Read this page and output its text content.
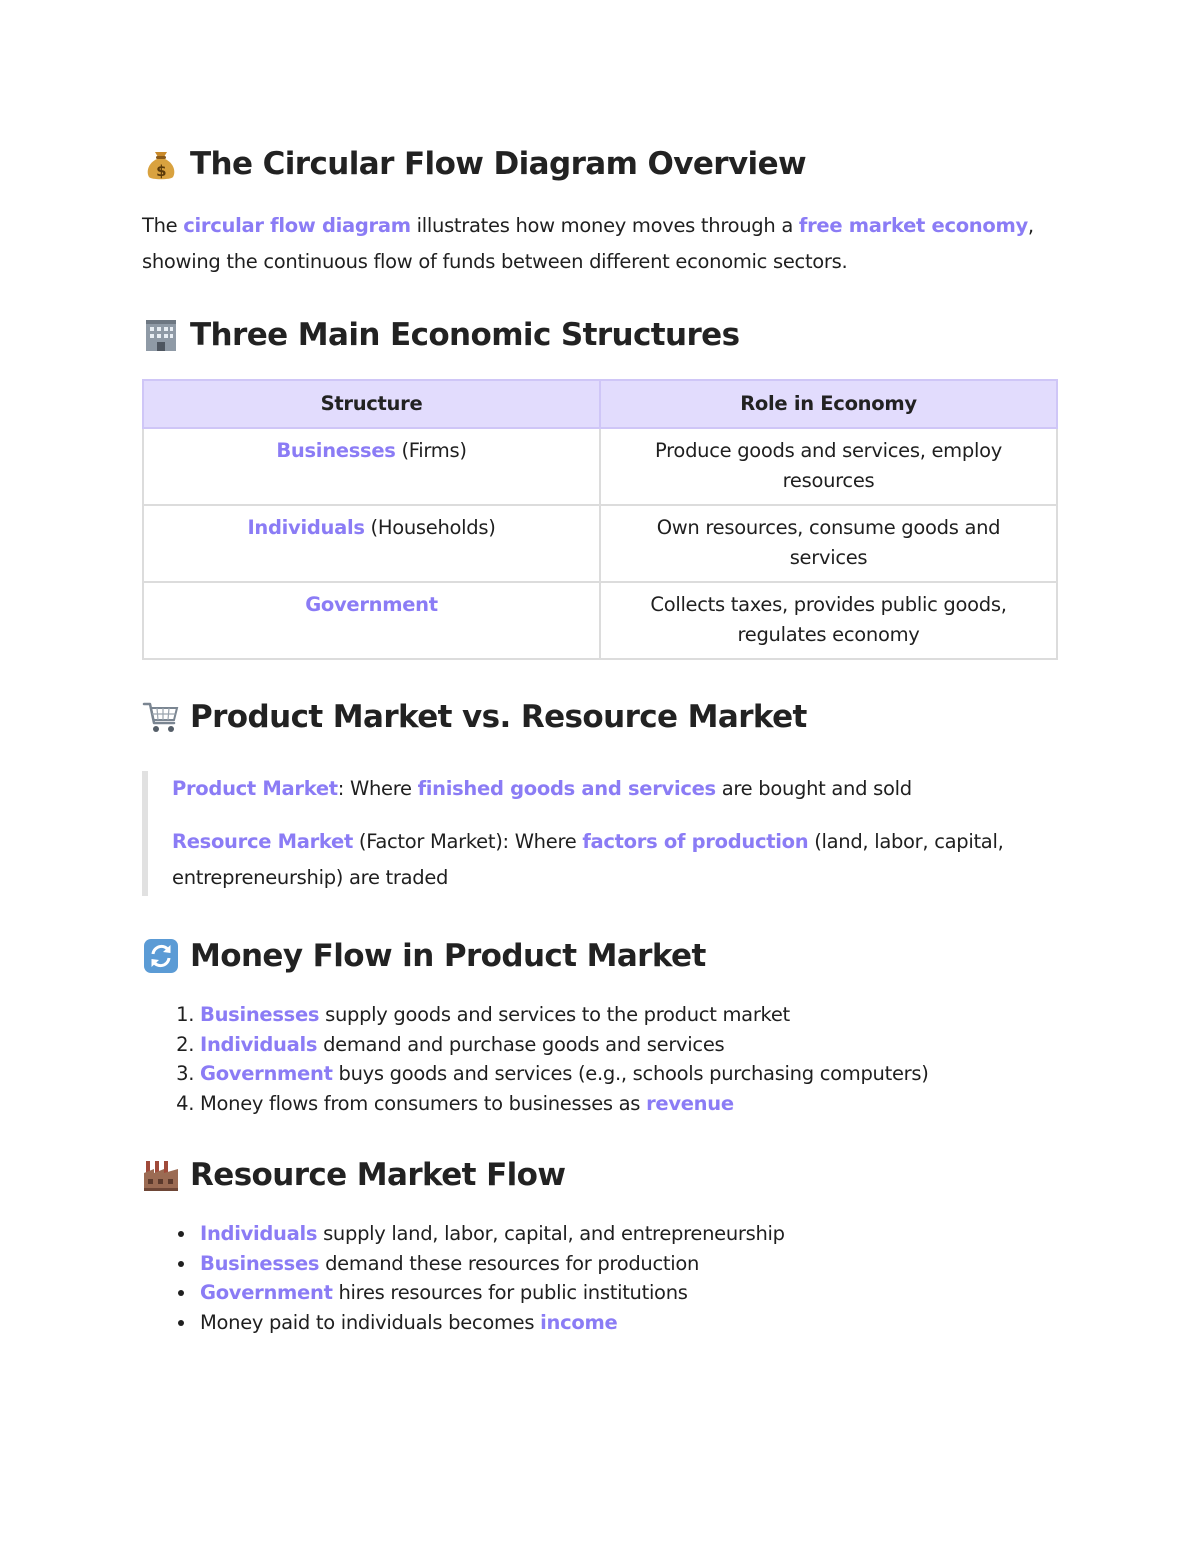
$ The Circular Flow Diagram Overview

The circular flow diagram illustrates how money moves through a free market economy, showing the continuous flow of funds between different economic sectors.

Three Main Economic Structures
Structure	Role in Economy
Businesses (Firms)	Produce goods and services, employ resources
Individuals (Households)	Own resources, consume goods and services
Government	Collects taxes, provides public goods, regulates economy
Product Market vs. Resource Market

Product Market: Where finished goods and services are bought and sold

Resource Market (Factor Market): Where factors of production (land, labor, capital, entrepreneurship) are traded

Money Flow in Product Market
1. Businesses supply goods and services to the product market
2. Individuals demand and purchase goods and services
3. Government buys goods and services (e.g., schools purchasing computers)
4. Money flows from consumers to businesses as revenue
Resource Market Flow
Individuals supply land, labor, capital, and entrepreneurship
Businesses demand these resources for production
Government hires resources for public institutions
Money paid to individuals becomes income
